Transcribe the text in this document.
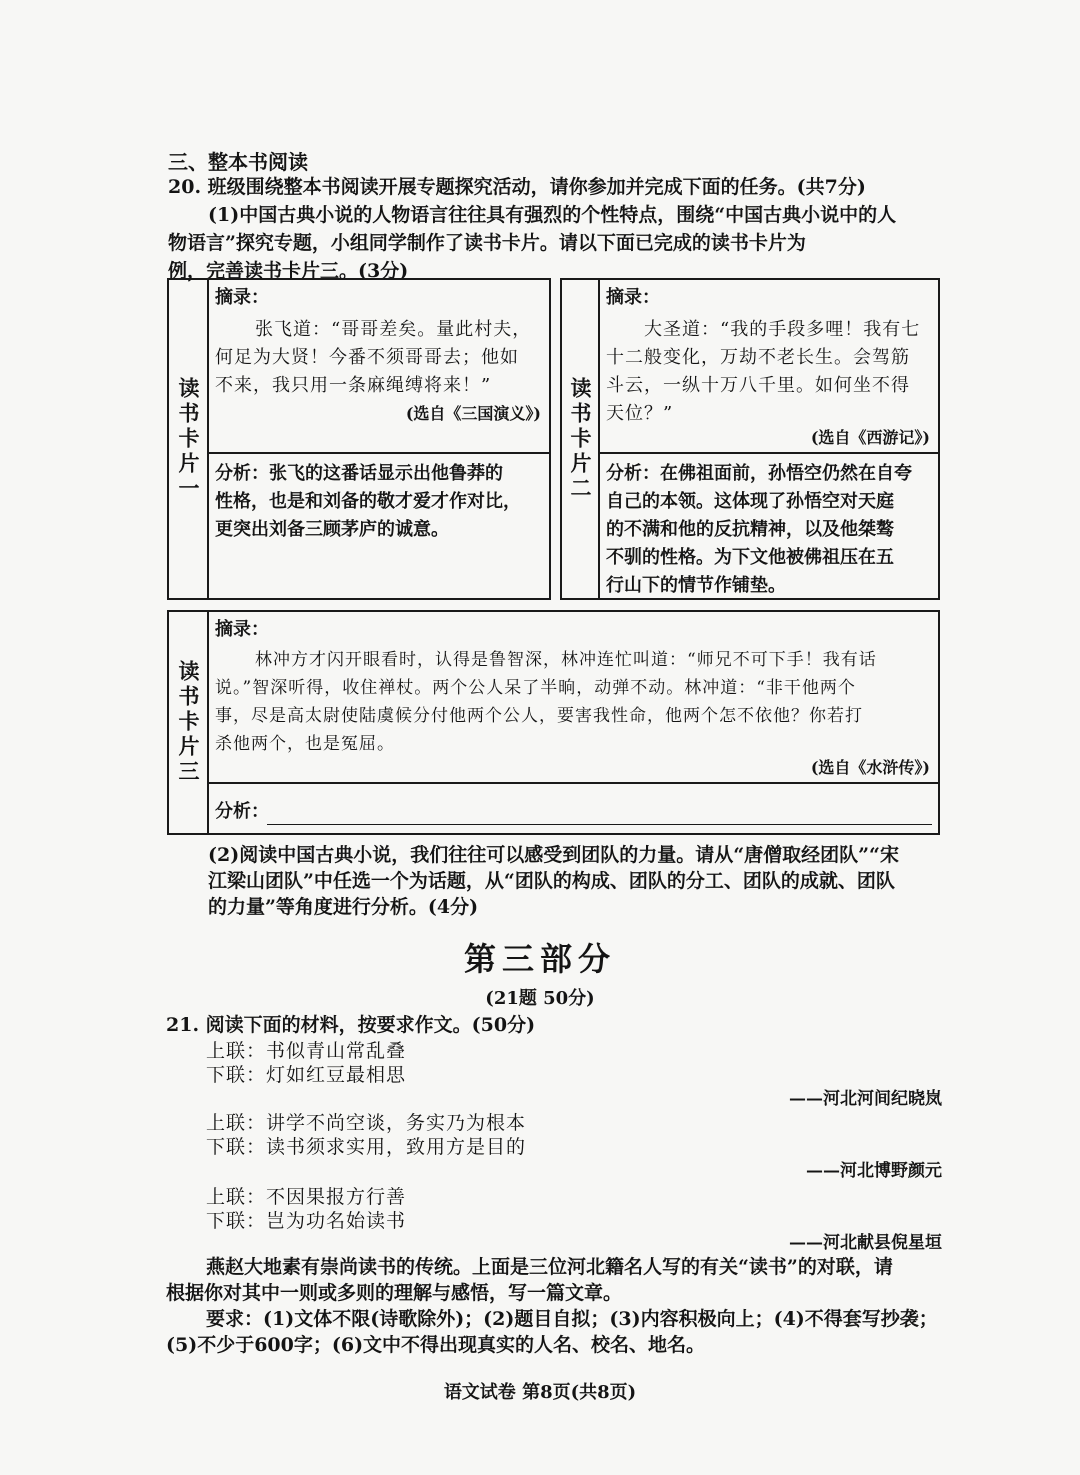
三、整本书阅读
20. 班级围绕整本书阅读开展专题探究活动，请你参加并完成下面的任务。(共7分)
(1)中国古典小说的人物语言往往具有强烈的个性特点，围绕“中国古典小说中的人
物语言”探究专题，小组同学制作了读书卡片。请以下面已完成的读书卡片为
例，完善读书卡片三。(3分)
读书卡片一
摘录：
张飞道：“哥哥差矣。量此村夫，
何足为大贤！今番不须哥哥去；他如
不来，我只用一条麻绳缚将来！”
(选自《三国演义》)
分析：张飞的这番话显示出他鲁莽的
性格，也是和刘备的敬才爱才作对比，
更突出刘备三顾茅庐的诚意。
读书卡片二
摘录：
大圣道：“我的手段多哩！我有七
十二般变化，万劫不老长生。会驾筋
斗云，一纵十万八千里。如何坐不得
天位？”
(选自《西游记》)
分析：在佛祖面前，孙悟空仍然在自夸
自己的本领。这体现了孙悟空对天庭
的不满和他的反抗精神，以及他桀骜
不驯的性格。为下文他被佛祖压在五
行山下的情节作铺垫。
读书卡片三
摘录：
林冲方才闪开眼看时，认得是鲁智深，林冲连忙叫道：“师兄不可下手！我有话
说。”智深听得，收住禅杖。两个公人呆了半晌，动弹不动。林冲道：“非干他两个
事，尽是高太尉使陆虞候分付他两个公人，要害我性命，他两个怎不依他？你若打
杀他两个，也是冤屈。
(选自《水浒传》)
分析：
(2)阅读中国古典小说，我们往往可以感受到团队的力量。请从“唐僧取经团队”“宋
江梁山团队”中任选一个为话题，从“团队的构成、团队的分工、团队的成就、团队
的力量”等角度进行分析。(4分)
第三部分
(21题 50分)
21. 阅读下面的材料，按要求作文。(50分)
上联：书似青山常乱叠
下联：灯如红豆最相思
——河北河间纪晓岚
上联：讲学不尚空谈，务实乃为根本
下联：读书须求实用，致用方是目的
——河北博野颜元
上联：不因果报方行善
下联：岂为功名始读书
——河北献县倪星垣
燕赵大地素有崇尚读书的传统。上面是三位河北籍名人写的有关“读书”的对联，请
根据你对其中一则或多则的理解与感悟，写一篇文章。
要求：(1)文体不限(诗歌除外)；(2)题目自拟；(3)内容积极向上；(4)不得套写抄袭；
(5)不少于600字；(6)文中不得出现真实的人名、校名、地名。
语文试卷 第8页(共8页)
